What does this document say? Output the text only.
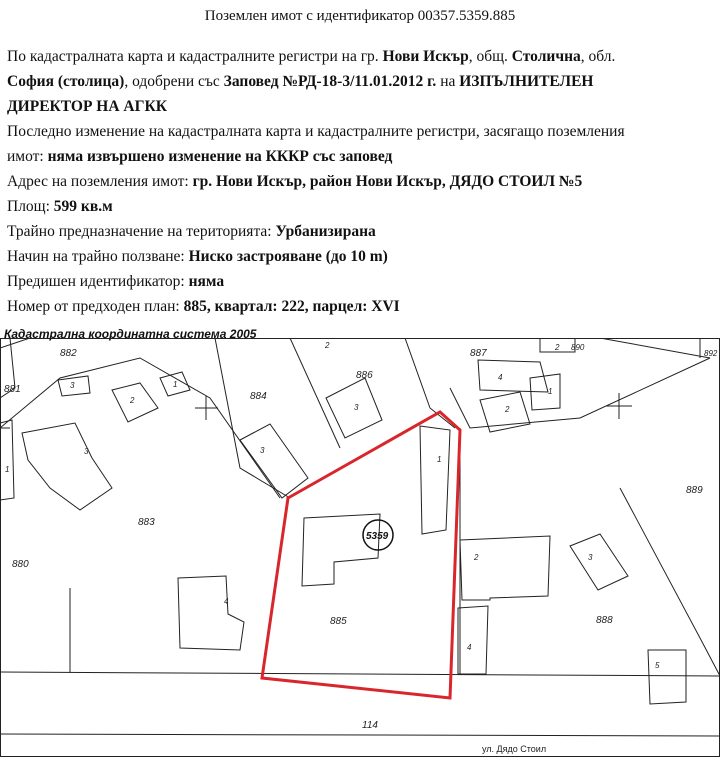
Поземлен имот с идентификатор 00357.5359.885

По кадастралната карта и кадастралните регистри на гр. Нови Искър, общ. Столична, обл.

София (столица), одобрени със Заповед №РД-18-3/11.01.2012 г. на ИЗПЪЛНИТЕЛЕН

ДИРЕКТОР НА АГКК

Последно изменение на кадастралната карта и кадастралните регистри, засягащо поземления

имот: няма извършено изменение на КККР със заповед

Адрес на поземления имот: гр. Нови Искър, район Нови Искър, ДЯДО СТОИЛ №5

Площ: 599 кв.м

Трайно предназначение на територията: Урбанизирана

Начин на трайно ползване: Ниско застрояване (до 10 m)

Предишен идентификатор: няма

Номер от предходен план: 885, квартал: 222, парцел: XVI

Кадастрална координатна система 2005
5359
882
881
883
880
884
886
887
890
892
889
888
885
3
2
1
3
1
3
4
3
2
1
4
1
2
4
3
5
2
2
114
ул. Дядо Стоил
